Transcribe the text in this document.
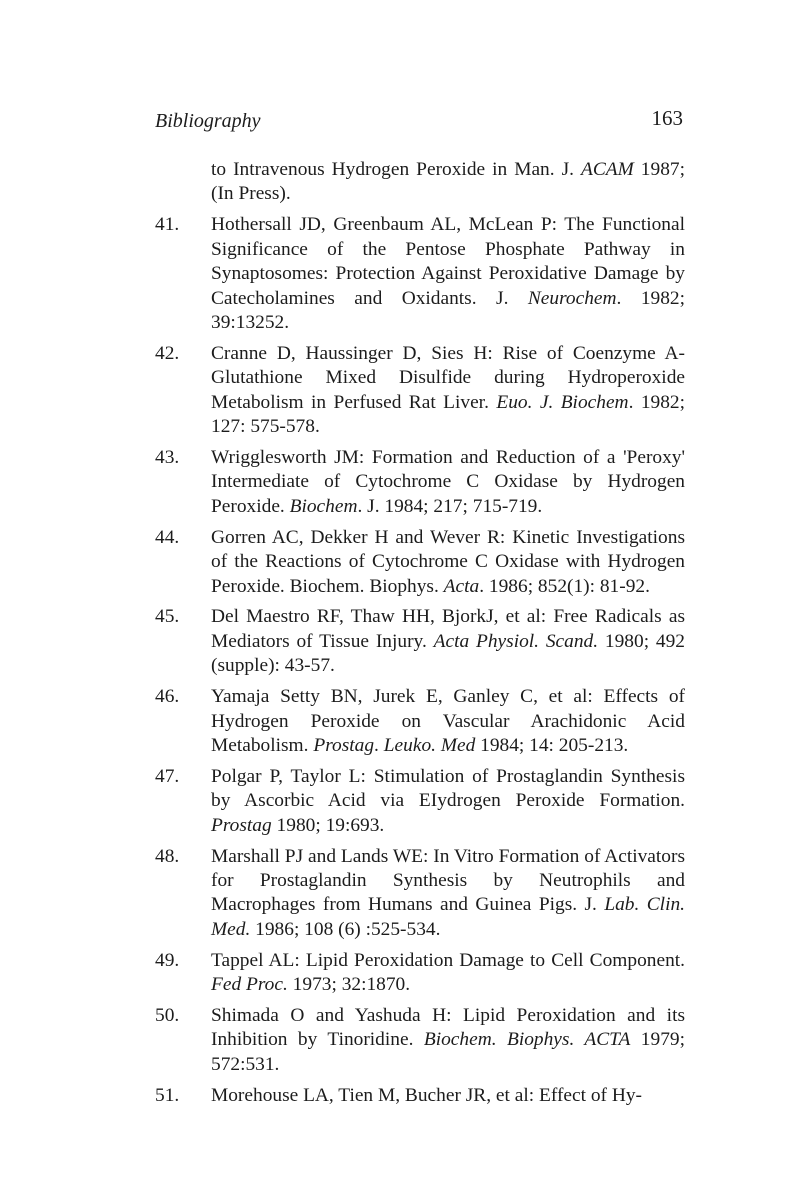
Bibliography	163
to Intravenous Hydrogen Peroxide in Man. J. ACAM 1987; (In Press).
41. Hothersall JD, Greenbaum AL, McLean P: The Functional Significance of the Pentose Phosphate Pathway in Synaptosomes: Protection Against Peroxidative Damage by Catecholamines and Oxidants. J. Neurochem. 1982; 39:13252.
42. Cranne D, Haussinger D, Sies H: Rise of Coenzyme A-Glutathione Mixed Disulfide during Hydroperoxide Metabolism in Perfused Rat Liver. Euo. J. Biochem. 1982; 127: 575-578.
43. Wrigglesworth JM: Formation and Reduction of a 'Peroxy' Intermediate of Cytochrome C Oxidase by Hydrogen Peroxide. Biochem. J. 1984; 217; 715-719.
44. Gorren AC, Dekker H and Wever R: Kinetic Investigations of the Reactions of Cytochrome C Oxidase with Hydrogen Peroxide. Biochem. Biophys. Acta. 1986; 852(1): 81-92.
45. Del Maestro RF, Thaw HH, BjorkJ, et al: Free Radicals as Mediators of Tissue Injury. Acta Physiol. Scand. 1980; 492 (supple): 43-57.
46. Yamaja Setty BN, Jurek E, Ganley C, et al: Effects of Hydrogen Peroxide on Vascular Arachidonic Acid Metabolism. Prostag. Leuko. Med 1984; 14: 205-213.
47. Polgar P, Taylor L: Stimulation of Prostaglandin Synthesis by Ascorbic Acid via EIydrogen Peroxide Formation. Prostag 1980; 19:693.
48. Marshall PJ and Lands WE: In Vitro Formation of Activators for Prostaglandin Synthesis by Neutrophils and Macrophages from Humans and Guinea Pigs. J. Lab. Clin. Med. 1986; 108 (6) :525-534.
49. Tappel AL: Lipid Peroxidation Damage to Cell Component. Fed Proc. 1973; 32:1870.
50. Shimada O and Yashuda H: Lipid Peroxidation and its Inhibition by Tinoridine. Biochem. Biophys. ACTA 1979; 572:531.
51. Morehouse LA, Tien M, Bucher JR, et al: Effect of Hy-
